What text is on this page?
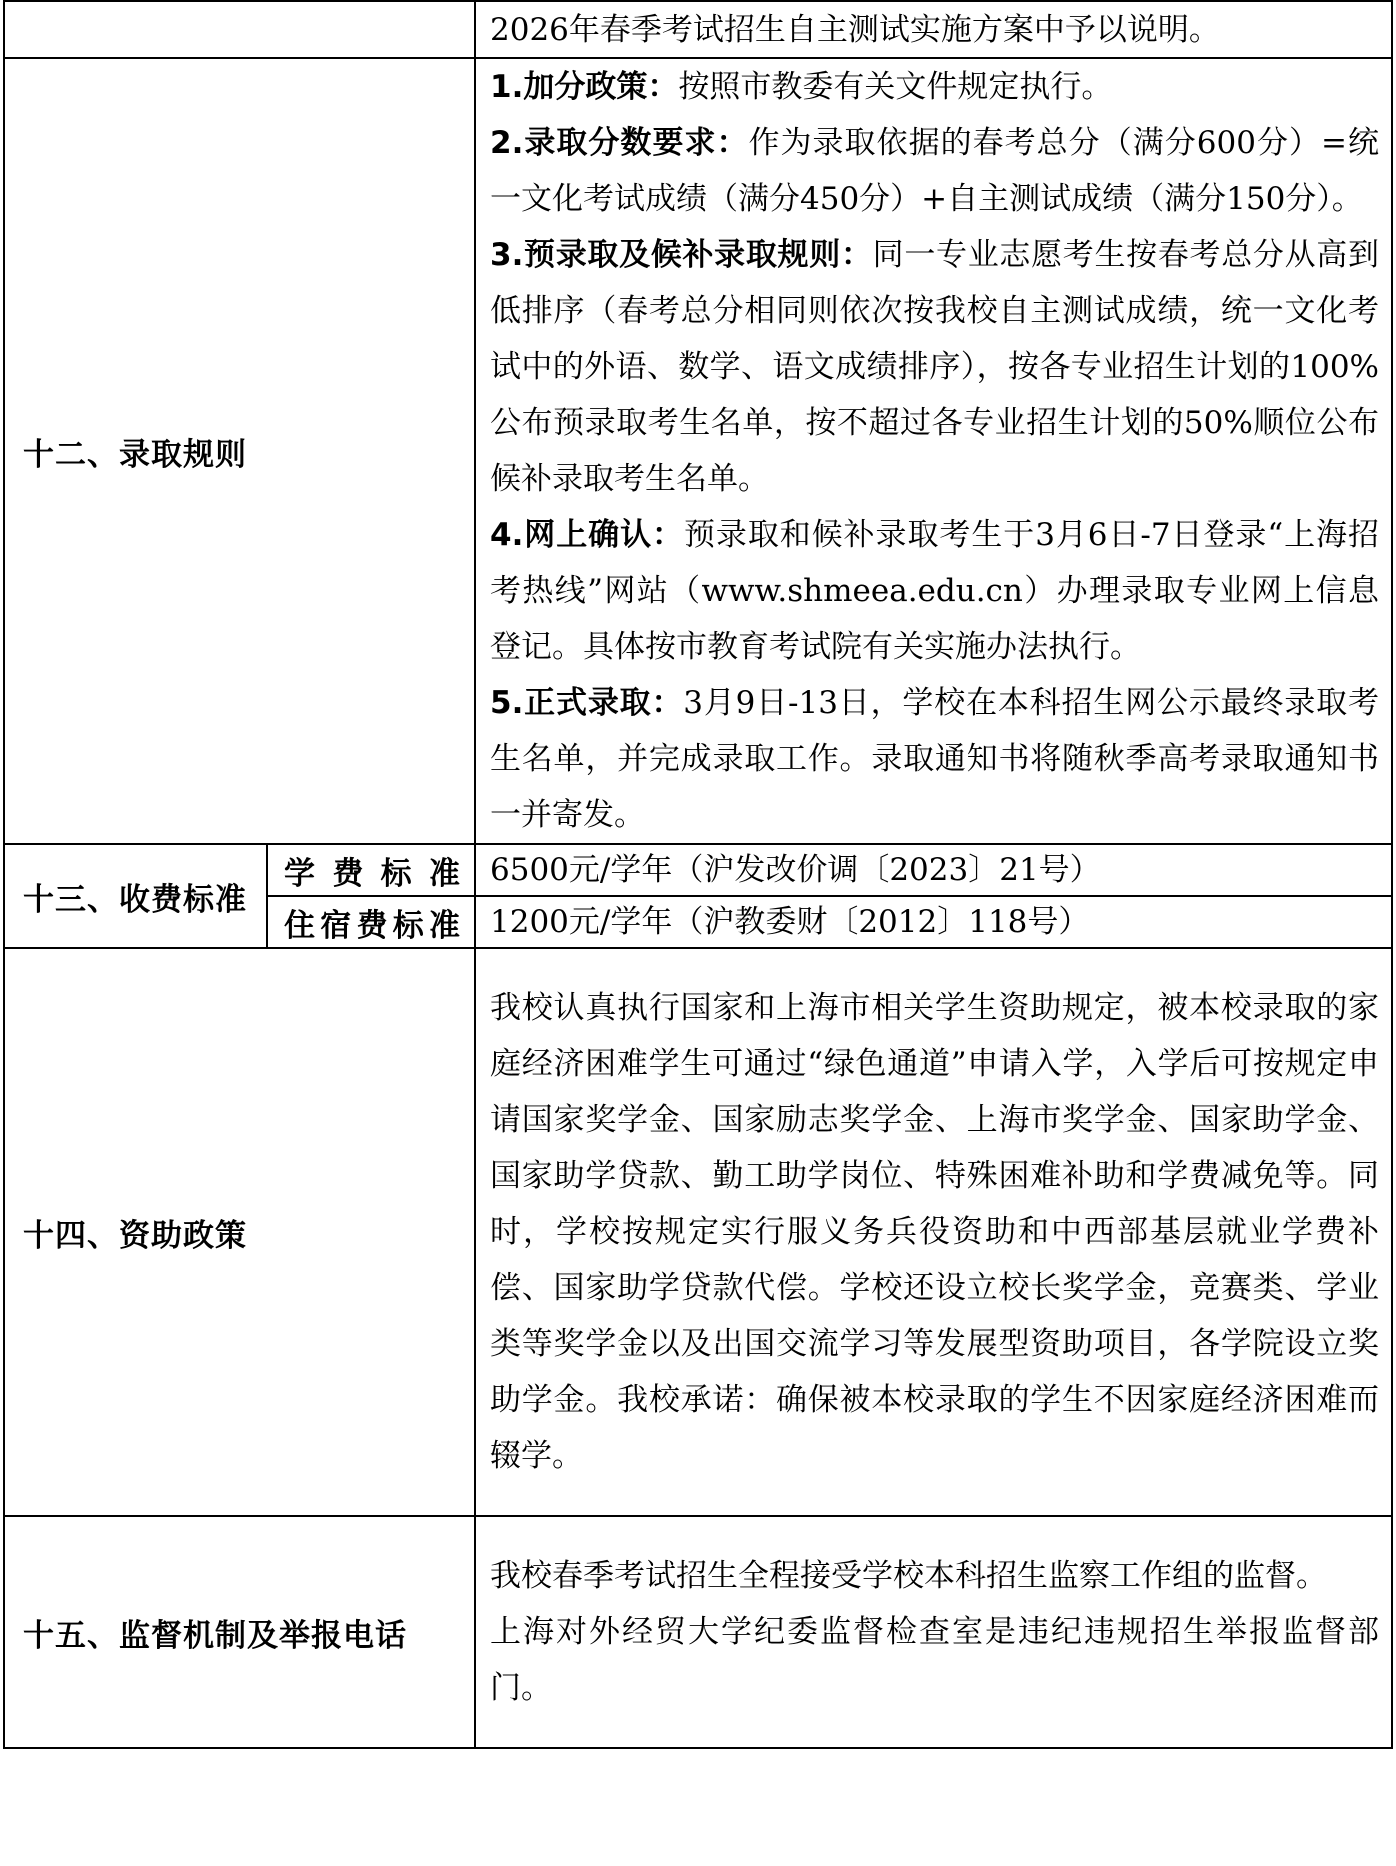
		2026年春季考试招生自主测试实施方案中予以说明。
十二、录取规则		1.加分政策：按照市教委有关文件规定执行。

2.录取分数要求：作为录取依据的春考总分（满分600分）=统一文化考试成绩（满分450分）+自主测试成绩（满分150分）。

3.预录取及候补录取规则：同一专业志愿考生按春考总分从高到低排序（春考总分相同则依次按我校自主测试成绩，统一文化考试中的外语、数学、语文成绩排序），按各专业招生计划的100%公布预录取考生名单，按不超过各专业招生计划的50%顺位公布候补录取考生名单。

4.网上确认：预录取和候补录取考生于3月6日-7日登录“上海招考热线”网站（www.shmeea.edu.cn）办理录取专业网上信息登记。具体按市教育考试院有关实施办法执行。

5.正式录取：3月9日-13日，学校在本科招生网公示最终录取考生名单，并完成录取工作。录取通知书将随秋季高考录取通知书一并寄发。

十三、收费标准	学费标准	6500元/学年（沪发改价调〔2023〕21号）
	住宿费标准	1200元/学年（沪教委财〔2012〕118号）
十四、资助政策		我校认真执行国家和上海市相关学生资助规定，被本校录取的家庭经济困难学生可通过“绿色通道”申请入学，入学后可按规定申请国家奖学金、国家励志奖学金、上海市奖学金、国家助学金、国家助学贷款、勤工助学岗位、特殊困难补助和学费减免等。同时，学校按规定实行服义务兵役资助和中西部基层就业学费补偿、国家助学贷款代偿。学校还设立校长奖学金，竞赛类、学业类等奖学金以及出国交流学习等发展型资助项目，各学院设立奖助学金。我校承诺：确保被本校录取的学生不因家庭经济困难而辍学。

十五、监督机制及举报电话		我校春季考试招生全程接受学校本科招生监察工作组的监督。

上海对外经贸大学纪委监督检查室是违纪违规招生举报监督部门。
